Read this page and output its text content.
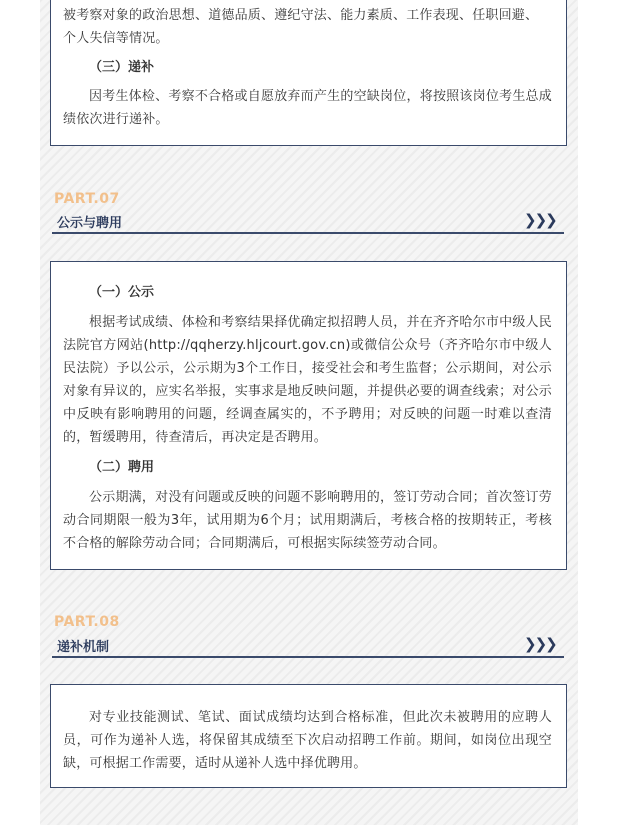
被考察对象的政治思想、道德品质、遵纪守法、能力素质、工作表现、任职回避、

个人失信等情况。

（三）递补

因考生体检、考察不合格或自愿放弃而产生的空缺岗位，将按照该岗位考生总成绩依次进行递补。

PART.07
公示与聘用	❯❯❯
（一）公示

根据考试成绩、体检和考察结果择优确定拟招聘人员，并在齐齐哈尔市中级人民法院官方网站(http://qqherzy.hljcourt.gov.cn)或微信公众号（齐齐哈尔市中级人民法院）予以公示，公示期为3个工作日，接受社会和考生监督；公示期间，对公示对象有异议的，应实名举报，实事求是地反映问题，并提供必要的调查线索；对公示中反映有影响聘用的问题，经调查属实的，不予聘用；对反映的问题一时难以查清的，暂缓聘用，待查清后，再决定是否聘用。

（二）聘用

公示期满，对没有问题或反映的问题不影响聘用的，签订劳动合同；首次签订劳动合同期限一般为3年，试用期为6个月；试用期满后，考核合格的按期转正，考核不合格的解除劳动合同；合同期满后，可根据实际续签劳动合同。

PART.08
递补机制	❯❯❯

对专业技能测试、笔试、面试成绩均达到合格标准，但此次未被聘用的应聘人员，可作为递补人选，将保留其成绩至下次启动招聘工作前。期间，如岗位出现空缺，可根据工作需要，适时从递补人选中择优聘用。
